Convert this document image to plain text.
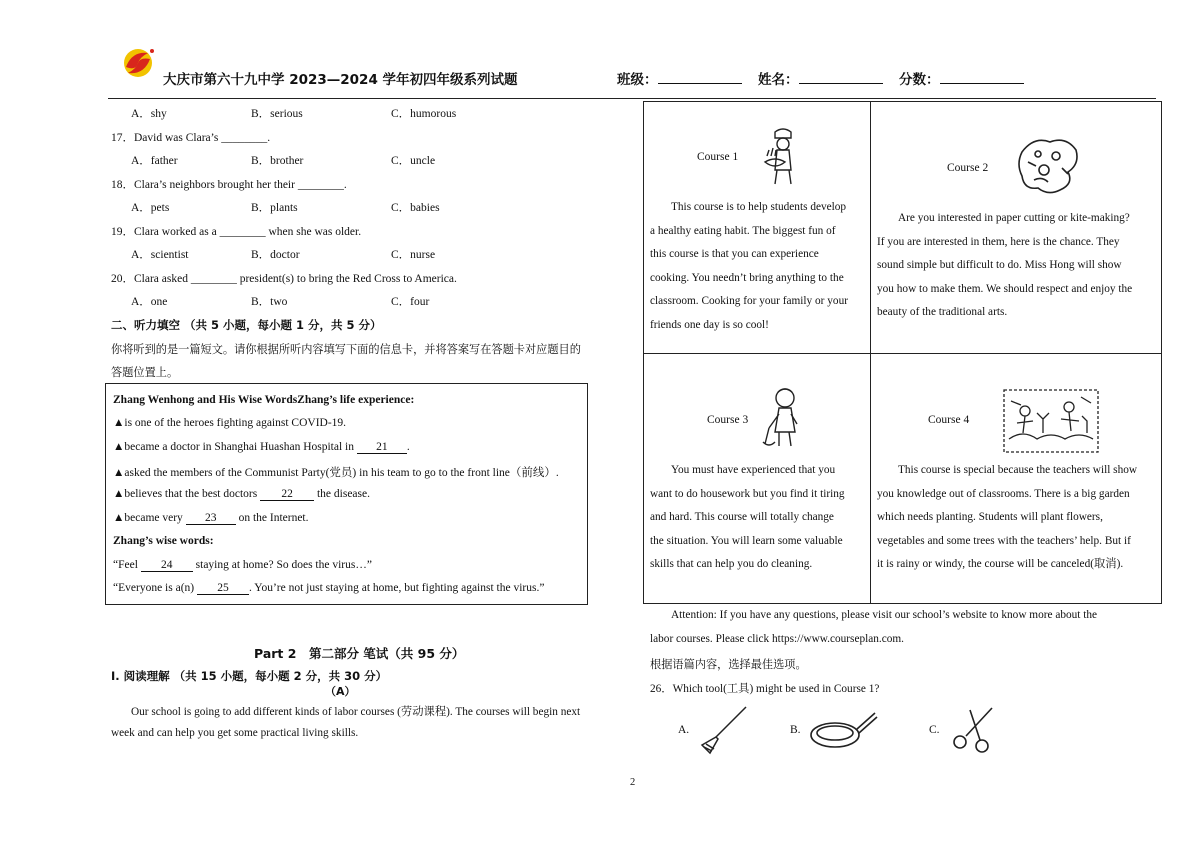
大庆市第六十九中学 2023—2024 学年初四年级系列试题	班级：	姓名：	分数：
A．shy	B．serious	C．humorous
17．David was Clara’s ________.
A．father	B．brother	C．uncle
18．Clara’s neighbors brought her their ________.
A．pets	B．plants	C．babies
19．Clara worked as a ________ when she was older.
A．scientist	B．doctor	C．nurse
20．Clara asked ________ president(s) to bring the Red Cross to America.
A．one	B．two	C．four
二、听力填空 （共 5 小题，每小题 1 分，共 5 分）
你将听到的是一篇短文。请你根据所听内容填写下面的信息卡，并将答案写在答题卡对应题目的
答题位置上。
Zhang Wenhong and His Wise WordsZhang’s life experience:
▲is one of the heroes fighting against COVID-19.
▲became a doctor in Shanghai Huashan Hospital in 21 .
▲asked the members of the Communist Party(党员) in his team to go to the front line（前线）.
▲believes that the best doctors 22 the disease.
▲became very 23 on the Internet.
Zhang’s wise words:
“Feel 24 staying at home? So does the virus…”
“Everyone is a(n) 25 . You’re not just staying at home, but fighting against the virus.”
Part 2　第二部分 笔试（共 95 分）
Ⅰ. 阅读理解 （共 15 小题，每小题 2 分，共 30 分）
（A）
Our school is going to add different kinds of labor courses (劳动课程). The courses will begin next
week and can help you get some practical living skills.
Course 1
This course is to help students develop
a healthy eating habit. The biggest fun of
this course is that you can experience
cooking. You needn’t bring anything to the
classroom. Cooking for your family or your
friends one day is so cool!
Course 2
Are you interested in paper cutting or kite-making?
If you are interested in them, here is the chance. They
sound simple but difficult to do. Miss Hong will show
you how to make them. We should respect and enjoy the
beauty of the traditional arts.
Course 3
You must have experienced that you
want to do housework but you find it tiring
and hard. This course will totally change
the situation. You will learn some valuable
skills that can help you do cleaning.
Course 4
This course is special because the teachers will show
you knowledge out of classrooms. There is a big garden
which needs planting. Students will plant flowers,
vegetables and some trees with the teachers’ help. But if
it is rainy or windy, the course will be canceled(取消).
Attention: If you have any questions, please visit our school’s website to know more about the
labor courses. Please click https://www.courseplan.com.
根据语篇内容，选择最佳选项。
26．Which tool(工具) might be used in Course 1?
A.	B.	C.
2
